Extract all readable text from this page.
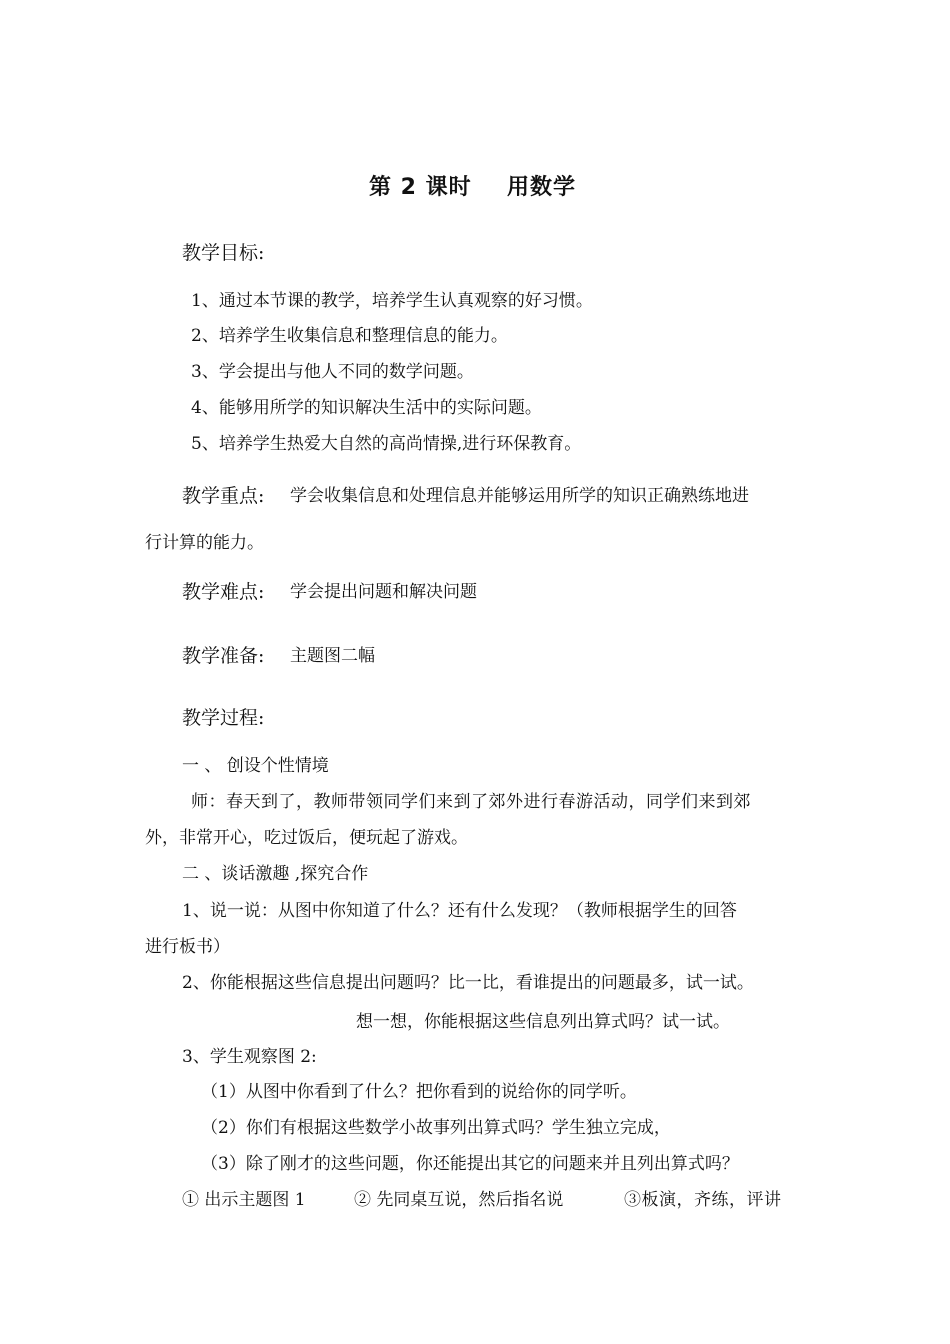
第 2 课时 用数学
教学目标:
1、通过本节课的教学，培养学生认真观察的好习惯。
2、培养学生收集信息和整理信息的能力。
3、学会提出与他人不同的数学问题。
4、能够用所学的知识解决生活中的实际问题。
5、培养学生热爱大自然的高尚情操,进行环保教育。
教学重点: 学会收集信息和处理信息并能够运用所学的知识正确熟练地进
行计算的能力。
教学难点: 学会提出问题和解决问题
教学准备: 主题图二幅
教学过程:
一 、 创设个性情境
师：春天到了，教师带领同学们来到了郊外进行春游活动，同学们来到郊
外，非常开心，吃过饭后，便玩起了游戏。
二 、谈话激趣 ,探究合作
1、说一说：从图中你知道了什么？还有什么发现？（教师根据学生的回答
进行板书）
2、你能根据这些信息提出问题吗？比一比，看谁提出的问题最多，试一试。
想一想，你能根据这些信息列出算式吗？试一试。
3、学生观察图 2:
（1）从图中你看到了什么？把你看到的说给你的同学听。
（2）你们有根据这些数学小故事列出算式吗？学生独立完成，
（3）除了刚才的这些问题，你还能提出其它的问题来并且列出算式吗？
① 出示主题图 1	② 先同桌互说，然后指名说	③板演，齐练，评讲
